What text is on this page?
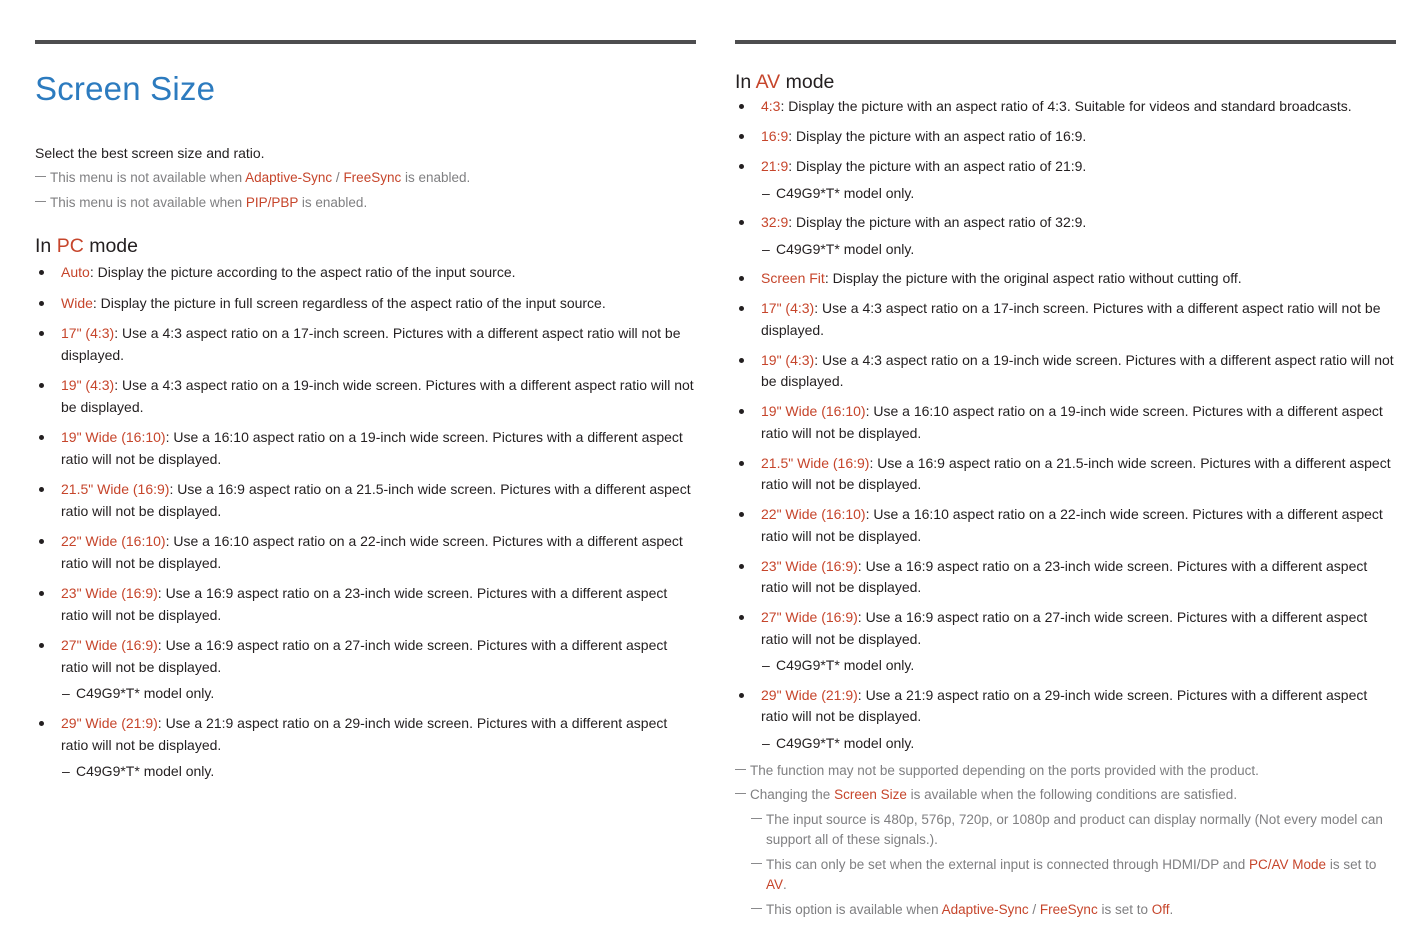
Screen Size

Select the best screen size and ratio.

This menu is not available when Adaptive-Sync / FreeSync is enabled.
This menu is not available when PIP/PBP is enabled.
In PC mode
Auto: Display the picture according to the aspect ratio of the input source.
Wide: Display the picture in full screen regardless of the aspect ratio of the input source.
17" (4:3): Use a 4:3 aspect ratio on a 17-inch screen. Pictures with a different aspect ratio will not be displayed.
19" (4:3): Use a 4:3 aspect ratio on a 19-inch wide screen. Pictures with a different aspect ratio will not be displayed.
19" Wide (16:10): Use a 16:10 aspect ratio on a 19-inch wide screen. Pictures with a different aspect ratio will not be displayed.
21.5" Wide (16:9): Use a 16:9 aspect ratio on a 21.5-inch wide screen. Pictures with a different aspect ratio will not be displayed.
22" Wide (16:10): Use a 16:10 aspect ratio on a 22-inch wide screen. Pictures with a different aspect ratio will not be displayed.
23" Wide (16:9): Use a 16:9 aspect ratio on a 23-inch wide screen. Pictures with a different aspect ratio will not be displayed.
27" Wide (16:9): Use a 16:9 aspect ratio on a 27-inch wide screen. Pictures with a different aspect ratio will not be displayed.
– C49G9*T* model only.
29" Wide (21:9): Use a 21:9 aspect ratio on a 29-inch wide screen. Pictures with a different aspect ratio will not be displayed.
– C49G9*T* model only.
In AV mode
4:3: Display the picture with an aspect ratio of 4:3. Suitable for videos and standard broadcasts.
16:9: Display the picture with an aspect ratio of 16:9.
21:9: Display the picture with an aspect ratio of 21:9.
– C49G9*T* model only.
32:9: Display the picture with an aspect ratio of 32:9.
– C49G9*T* model only.
Screen Fit: Display the picture with the original aspect ratio without cutting off.
17" (4:3): Use a 4:3 aspect ratio on a 17-inch screen. Pictures with a different aspect ratio will not be displayed.
19" (4:3): Use a 4:3 aspect ratio on a 19-inch wide screen. Pictures with a different aspect ratio will not be displayed.
19" Wide (16:10): Use a 16:10 aspect ratio on a 19-inch wide screen. Pictures with a different aspect ratio will not be displayed.
21.5" Wide (16:9): Use a 16:9 aspect ratio on a 21.5-inch wide screen. Pictures with a different aspect ratio will not be displayed.
22" Wide (16:10): Use a 16:10 aspect ratio on a 22-inch wide screen. Pictures with a different aspect ratio will not be displayed.
23" Wide (16:9): Use a 16:9 aspect ratio on a 23-inch wide screen. Pictures with a different aspect ratio will not be displayed.
27" Wide (16:9): Use a 16:9 aspect ratio on a 27-inch wide screen. Pictures with a different aspect ratio will not be displayed.
– C49G9*T* model only.
29" Wide (21:9): Use a 21:9 aspect ratio on a 29-inch wide screen. Pictures with a different aspect ratio will not be displayed.
– C49G9*T* model only.
The function may not be supported depending on the ports provided with the product.
Changing the Screen Size is available when the following conditions are satisfied.
The input source is 480p, 576p, 720p, or 1080p and product can display normally (Not every model can support all of these signals.).
This can only be set when the external input is connected through HDMI/DP and PC/AV Mode is set to AV.
This option is available when Adaptive-Sync / FreeSync is set to Off.
